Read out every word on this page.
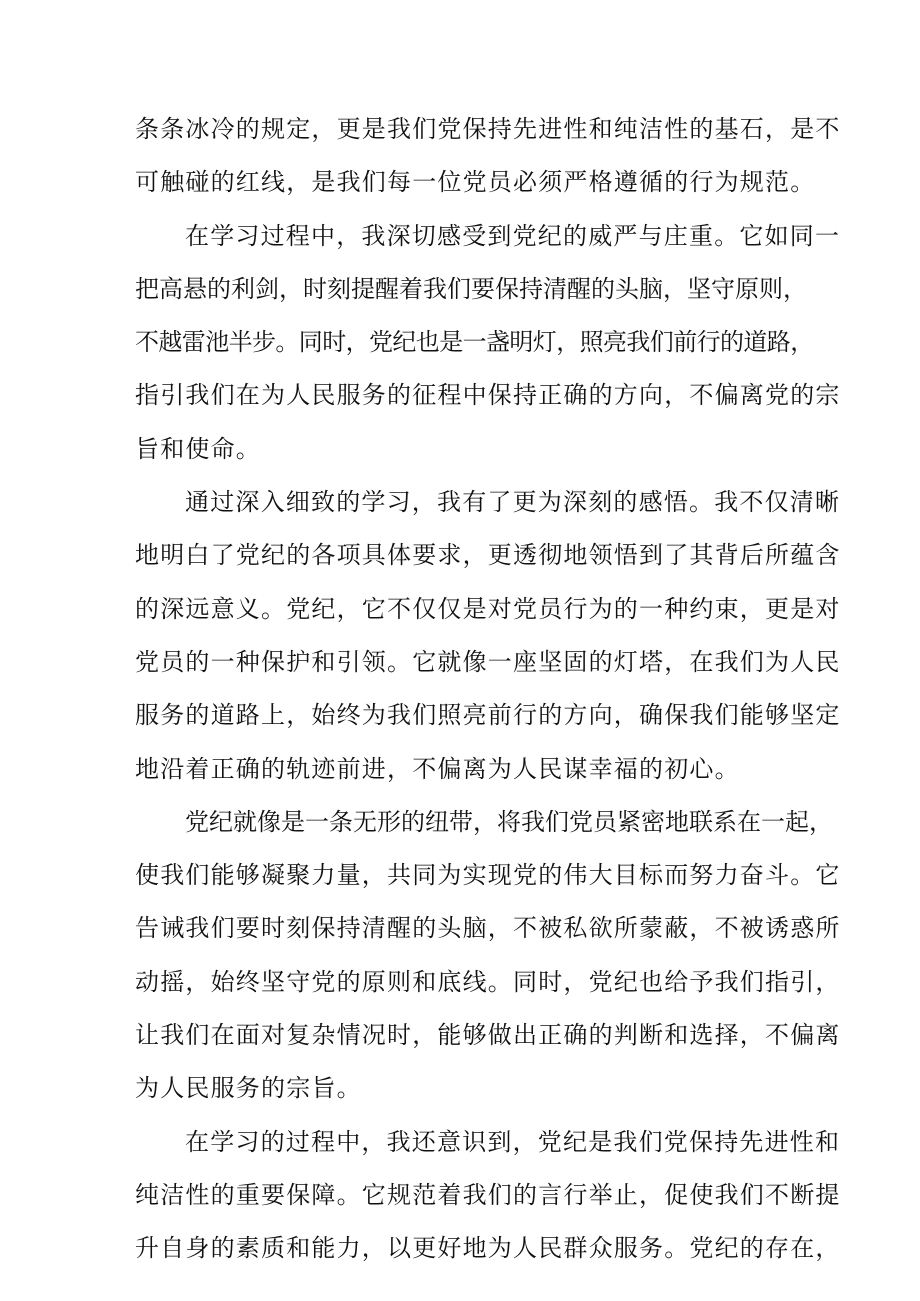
条条冰冷的规定，更是我们党保持先进性和纯洁性的基石，是不
可触碰的红线，是我们每一位党员必须严格遵循的行为规范。
在学习过程中，我深切感受到党纪的威严与庄重。它如同一
把高悬的利剑，时刻提醒着我们要保持清醒的头脑，坚守原则，
不越雷池半步。同时，党纪也是一盏明灯，照亮我们前行的道路，
指引我们在为人民服务的征程中保持正确的方向，不偏离党的宗
旨和使命。
通过深入细致的学习，我有了更为深刻的感悟。我不仅清晰
地明白了党纪的各项具体要求，更透彻地领悟到了其背后所蕴含
的深远意义。党纪，它不仅仅是对党员行为的一种约束，更是对
党员的一种保护和引领。它就像一座坚固的灯塔，在我们为人民
服务的道路上，始终为我们照亮前行的方向，确保我们能够坚定
地沿着正确的轨迹前进，不偏离为人民谋幸福的初心。
党纪就像是一条无形的纽带，将我们党员紧密地联系在一起，
使我们能够凝聚力量，共同为实现党的伟大目标而努力奋斗。它
告诫我们要时刻保持清醒的头脑，不被私欲所蒙蔽，不被诱惑所
动摇，始终坚守党的原则和底线。同时，党纪也给予我们指引，
让我们在面对复杂情况时，能够做出正确的判断和选择，不偏离
为人民服务的宗旨。
在学习的过程中，我还意识到，党纪是我们党保持先进性和
纯洁性的重要保障。它规范着我们的言行举止，促使我们不断提
升自身的素质和能力，以更好地为人民群众服务。党纪的存在，
